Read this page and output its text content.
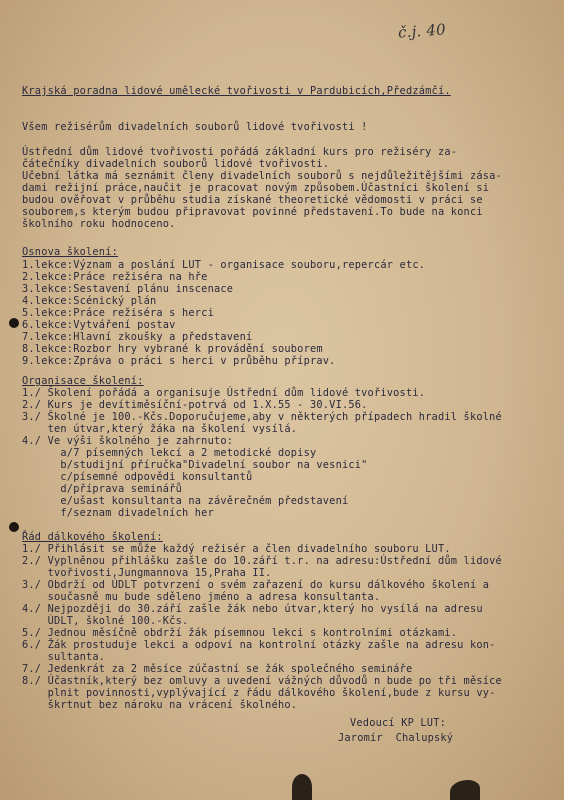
č.j. 40
Krajská poradna lidové umělecké tvořivosti v Pardubicích,Předzámčí.
Všem režisérům divadelních souborů lidové tvořivosti !
Ústřední dům lidové tvořivosti pořádá základní kurs pro režiséry za-
čátečníky divadelních souborů lidové tvořivosti.
Učební látka má seznámit členy divadelních souborů s nejdůležitějšími zása-
dami režijní práce,naučit je pracovat novým způsobem.Účastníci školení si
budou ověřovat v průběhu studia získané theoretické vědomosti v práci se
souborem,s kterým budou připravovat povinné představení.To bude na konci
školního roku hodnoceno.
Osnova školení:
1.lekce:Význam a poslání LUT - organisace souboru,repercár etc.
2.lekce:Práce režiséra na hře
3.lekce:Sestavení plánu inscenace
4.lekce:Scénický plán
5.lekce:Práce režiséra s herci
6.lekce:Vytváření postav
7.lekce:Hlavní zkoušky a představení
8.lekce:Rozbor hry vybrané k provádění souborem
9.lekce:Zpráva o práci s herci v průběhu příprav.
Organisace školení:
1./ Školení pořádá a organisuje Ústřední dům lidové tvořivosti.
2./ Kurs je devítiměsíční-potrvá od 1.X.55 - 30.VI.56.
3./ Školné je 100.-Kčs.Doporučujeme,aby v některých případech hradil školné
ten útvar,který žáka na školení vysílá.
4./ Ve výši školného je zahrnuto:
a/7 písemných lekcí a 2 metodické dopisy
b/studijní příručka"Divadelní soubor na vesnici"
c/písemné odpovědi konsultantů
d/příprava seminářů
e/ušast konsultanta na závěrečném představení
f/seznam divadelních her
Řád dálkového školení:
1./ Přihlásit se může každý režisér a člen divadelního souboru LUT.
2./ Vyplněnou přihlášku zašle do 10.září t.r. na adresu:Ústřední dům lidové
tvořivosti,Jungmannova 15,Praha II.
3./ Obdrží od ÚDLT potvrzení o svém zařazení do kursu dálkového školení a
současně mu bude sděleno jméno a adresa konsultanta.
4./ Nejpozději do 30.září zašle žák nebo útvar,který ho vysílá na adresu
ÚDLT, školné 100.-Kčs.
5./ Jednou měsíčně obdrží žák písemnou lekci s kontrolními otázkami.
6./ Žák prostuduje lekci a odpoví na kontrolní otázky zašle na adresu kon-
sultanta.
7./ Jedenkrát za 2 měsíce zúčastní se žák společného semináře
8./ Účastník,který bez omluvy a uvedení vážných důvodů n bude po tři měsíce
plnit povinnosti,vyplývající z řádu dálkového školení,bude z kursu vy-
škrtnut bez nároku na vrácení školného.
Vedoucí KP LUT:
Jaromír  Chalupský
